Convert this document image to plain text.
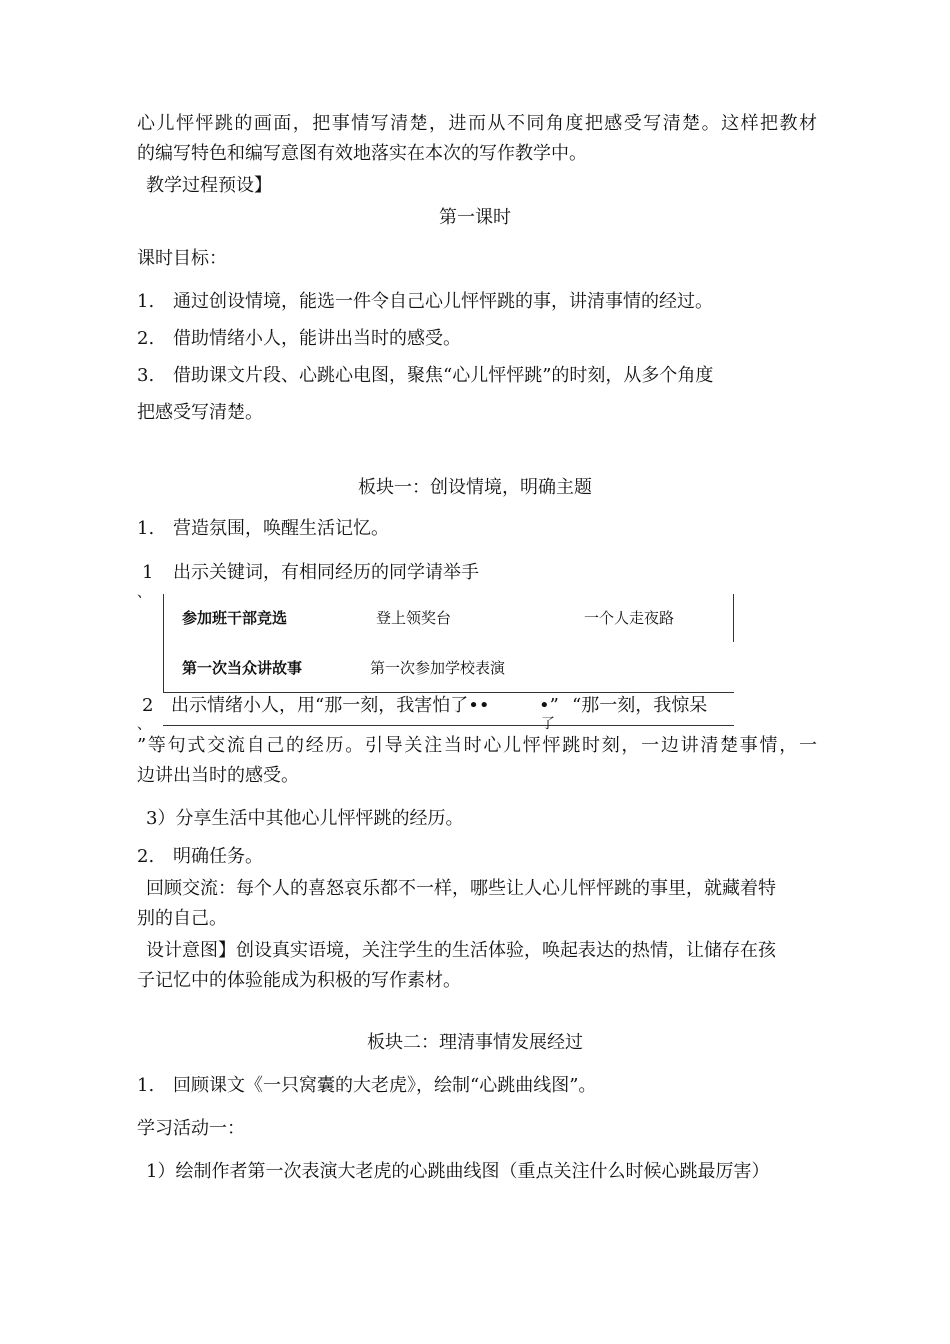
心儿怦怦跳的画面，把事情写清楚，进而从不同角度把感受写清楚。这样把教材
的编写特色和编写意图有效地落实在本次的写作教学中。
教学过程预设】
第一课时
课时目标：
1. 通过创设情境，能选一件令自己心儿怦怦跳的事，讲清事情的经过。
2. 借助情绪小人，能讲出当时的感受。
3. 借助课文片段、心跳心电图，聚焦“心儿怦怦跳”的时刻，从多个角度
把感受写清楚。
板块一：创设情境，明确主题
1. 营造氛围，唤醒生活记忆。
1
、
出示关键词，有相同经历的同学请举手
参加班干部竞选	登上领奖台	一个人走夜路
第一次当众讲故事	第一次参加学校表演
2
、
出示情绪小人，用“那一刻，我害怕了••	•” “那一刻，我惊呆
了
”等句式交流自己的经历。引导关注当时心儿怦怦跳时刻，一边讲清楚事情，一
边讲出当时的感受。
3）分享生活中其他心儿怦怦跳的经历。
2. 明确任务。
回顾交流：每个人的喜怒哀乐都不一样，哪些让人心儿怦怦跳的事里，就藏着特
别的自己。
设计意图】创设真实语境，关注学生的生活体验，唤起表达的热情，让储存在孩
子记忆中的体验能成为积极的写作素材。
板块二：理清事情发展经过
1. 回顾课文《一只窝囊的大老虎》，绘制“心跳曲线图”。
学习活动一：
1）绘制作者第一次表演大老虎的心跳曲线图（重点关注什么时候心跳最厉害）
